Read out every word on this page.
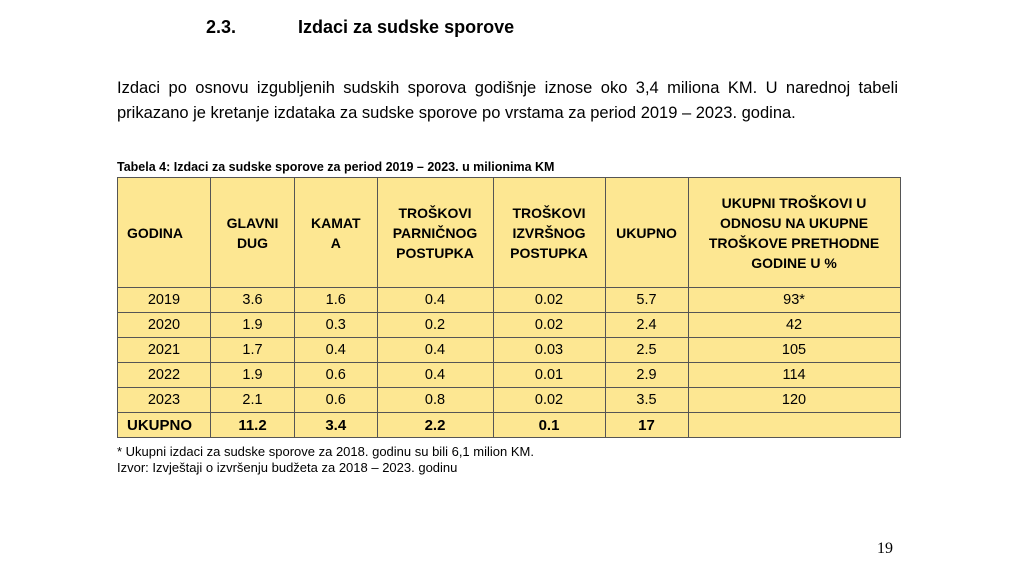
2.3.	Izdaci za sudske sporove
Izdaci po osnovu izgubljenih sudskih sporova godišnje iznose oko 3,4 miliona KM. U narednoj tabeli prikazano je kretanje izdataka za sudske sporove po vrstama za period 2019 – 2023. godina.
Tabela 4: Izdaci za sudske sporove za period 2019 – 2023. u milionima KM
GODINA	GLAVNI DUG	KAMAT A	TROŠKOVI PARNIČNOG POSTUPKA	TROŠKOVI IZVRŠNOG POSTUPKA	UKUPNO	UKUPNI TROŠKOVI U ODNOSU NA UKUPNE TROŠKOVE PRETHODNE GODINE U %
2019	3.6	1.6	0.4	0.02	5.7	93*
2020	1.9	0.3	0.2	0.02	2.4	42
2021	1.7	0.4	0.4	0.03	2.5	105
2022	1.9	0.6	0.4	0.01	2.9	114
2023	2.1	0.6	0.8	0.02	3.5	120
UKUPNO	11.2	3.4	2.2	0.1	17	
* Ukupni izdaci za sudske sporove za 2018. godinu su bili 6,1 milion KM.
Izvor: Izvještaji o izvršenju budžeta za 2018 – 2023. godinu
19
